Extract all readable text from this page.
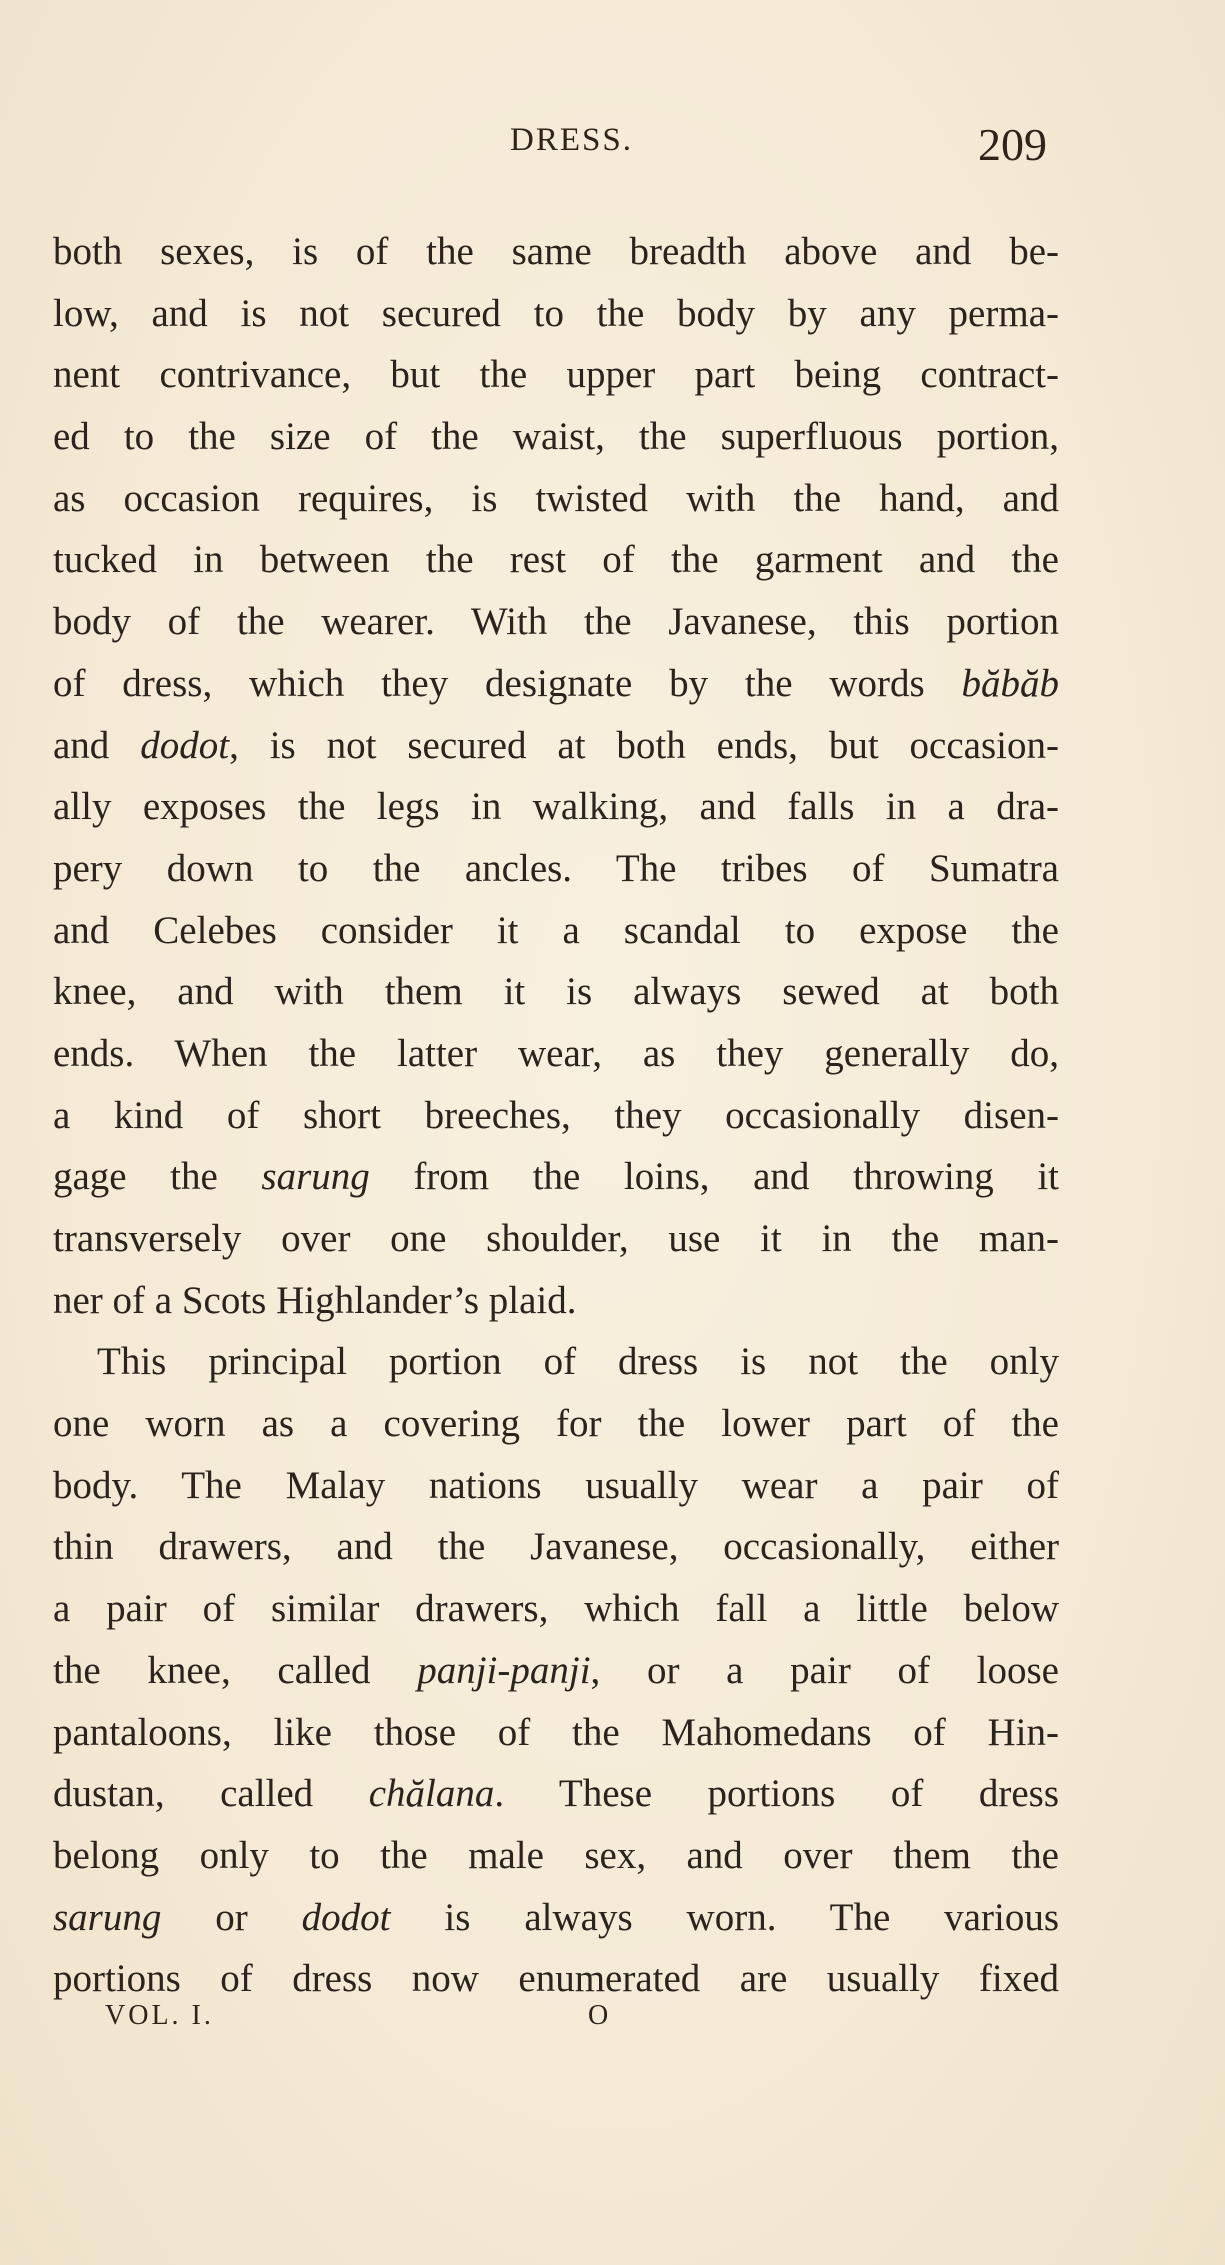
DRESS.	209
both sexes, is of the same breadth above and be-
low, and is not secured to the body by any perma-
nent contrivance, but the upper part being contract-
ed to the size of the waist, the superfluous portion,
as occasion requires, is twisted with the hand, and
tucked in between the rest of the garment and the
body of the wearer. With the Javanese, this portion
of dress, which they designate by the words băbăb
and dodot, is not secured at both ends, but occasion-
ally exposes the legs in walking, and falls in a dra-
pery down to the ancles. The tribes of Sumatra
and Celebes consider it a scandal to expose the
knee, and with them it is always sewed at both
ends. When the latter wear, as they generally do,
a kind of short breeches, they occasionally disen-
gage the sarung from the loins, and throwing it
transversely over one shoulder, use it in the man-
ner of a Scots Highlander’s plaid.
This principal portion of dress is not the only
one worn as a covering for the lower part of the
body. The Malay nations usually wear a pair of
thin drawers, and the Javanese, occasionally, either
a pair of similar drawers, which fall a little below
the knee, called panji-panji, or a pair of loose
pantaloons, like those of the Mahomedans of Hin-
dustan, called chălana. These portions of dress
belong only to the male sex, and over them the
sarung or dodot is always worn. The various
portions of dress now enumerated are usually fixed
VOL. I.	O
